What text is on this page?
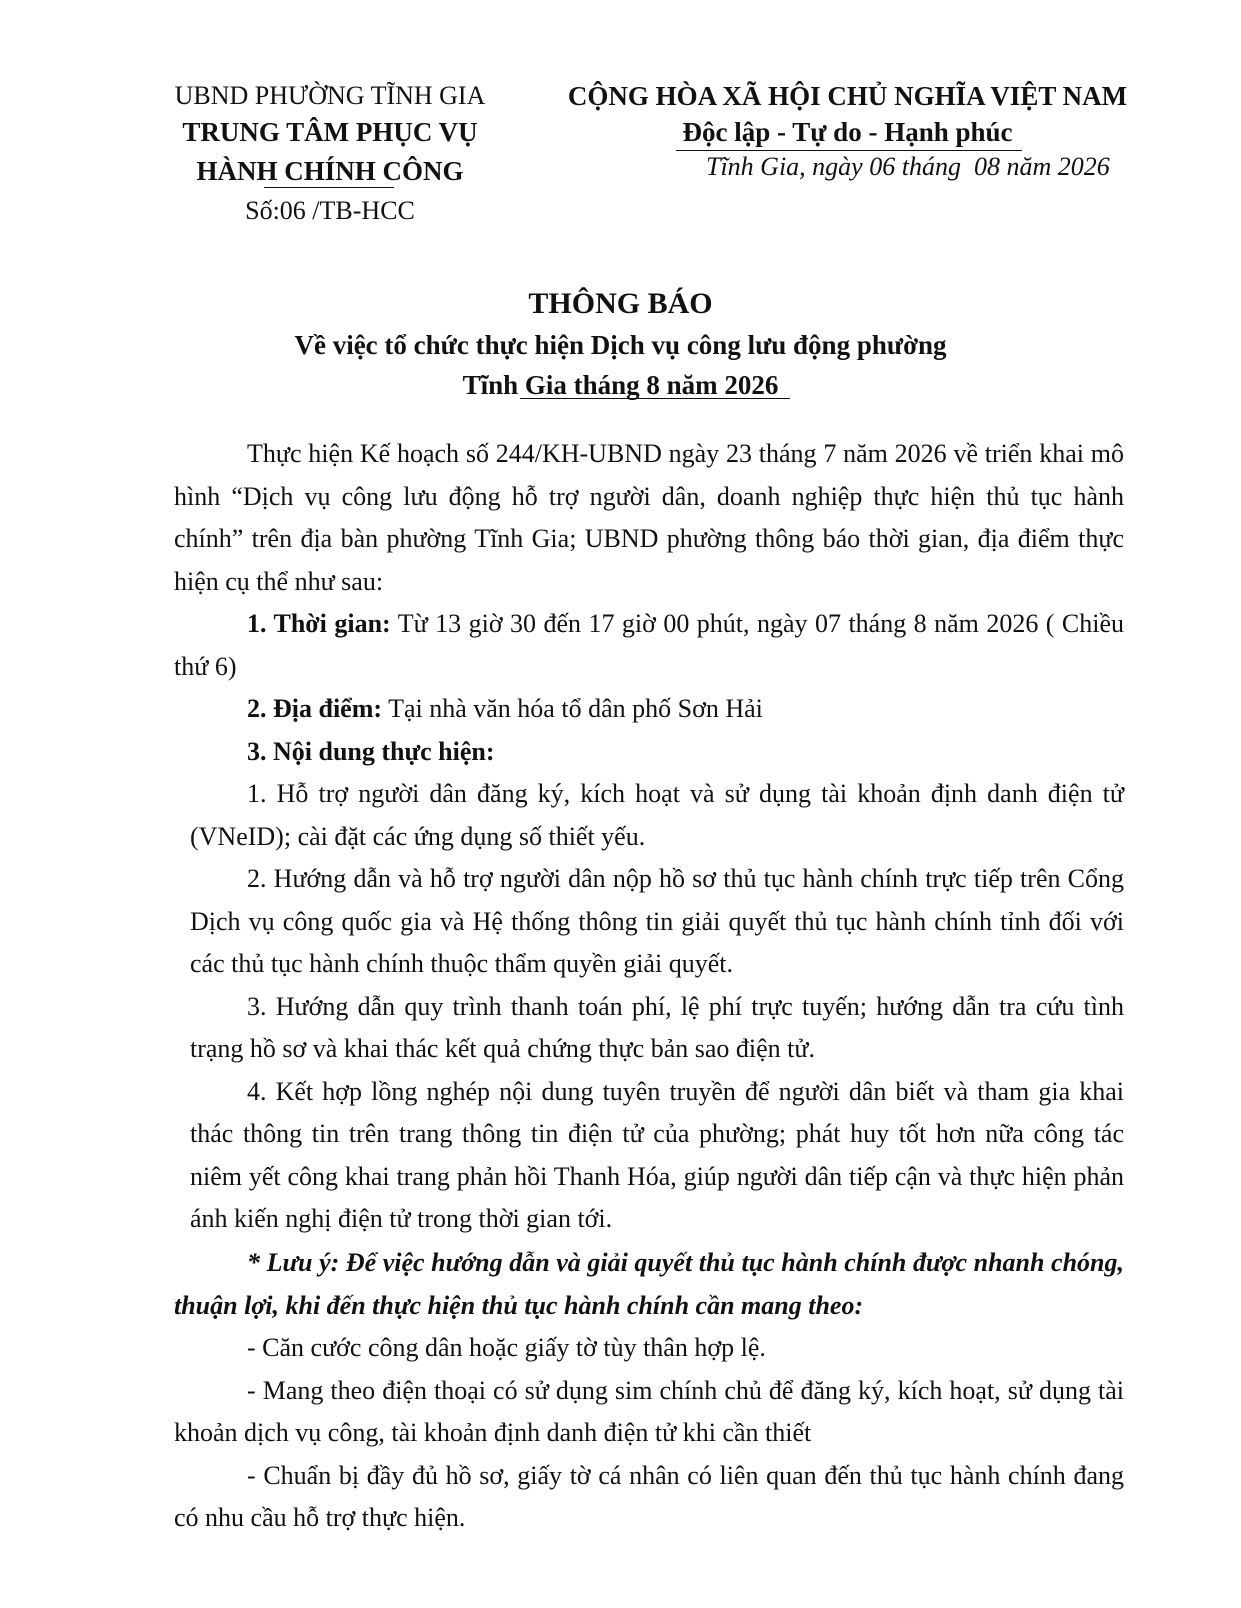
UBND PHƯỜNG TĨNH GIA
TRUNG TÂM PHỤC VỤ
HÀNH CHÍNH CÔNG
Số:06 /TB-HCC
CỘNG HÒA XÃ HỘI CHỦ NGHĨA VIỆT NAM
Độc lập - Tự do - Hạnh phúc
Tĩnh Gia, ngày 06 tháng  08 năm 2026
THÔNG BÁO
Về việc tổ chức thực hiện Dịch vụ công lưu động phường
Tĩnh Gia tháng 8 năm 2026

Thực hiện Kế hoạch số 244/KH-UBND ngày 23 tháng 7 năm 2026 về triển khai mô hình “Dịch vụ công lưu động hỗ trợ người dân, doanh nghiệp thực hiện thủ tục hành chính” trên địa bàn phường Tĩnh Gia; UBND phường thông báo thời gian, địa điểm thực hiện cụ thể như sau:

1. Thời gian: Từ 13 giờ 30 đến 17 giờ 00 phút, ngày 07 tháng 8 năm 2026 ( Chiều thứ 6)

2. Địa điểm: Tại nhà văn hóa tổ dân phố Sơn Hải

3. Nội dung thực hiện:

1. Hỗ trợ người dân đăng ký, kích hoạt và sử dụng tài khoản định danh điện tử (VNeID); cài đặt các ứng dụng số thiết yếu.

2. Hướng dẫn và hỗ trợ người dân nộp hồ sơ thủ tục hành chính trực tiếp trên Cổng Dịch vụ công quốc gia và Hệ thống thông tin giải quyết thủ tục hành chính tỉnh đối với các thủ tục hành chính thuộc thẩm quyền giải quyết.

3. Hướng dẫn quy trình thanh toán phí, lệ phí trực tuyến; hướng dẫn tra cứu tình trạng hồ sơ và khai thác kết quả chứng thực bản sao điện tử.

4. Kết hợp lồng nghép nội dung tuyên truyền để người dân biết và tham gia khai thác thông tin trên trang thông tin điện tử của phường; phát huy tốt hơn nữa công tác niêm yết công khai trang phản hồi Thanh Hóa, giúp người dân tiếp cận và thực hiện phản ánh kiến nghị điện tử trong thời gian tới.

* Lưu ý: Để việc hướng dẫn và giải quyết thủ tục hành chính được nhanh chóng, thuận lợi, khi đến thực hiện thủ tục hành chính cần mang theo:

- Căn cước công dân hoặc giấy tờ tùy thân hợp lệ.

- Mang theo điện thoại có sử dụng sim chính chủ để đăng ký, kích hoạt, sử dụng tài khoản dịch vụ công, tài khoản định danh điện tử khi cần thiết

- Chuẩn bị đầy đủ hồ sơ, giấy tờ cá nhân có liên quan đến thủ tục hành chính đang có nhu cầu hỗ trợ thực hiện.
